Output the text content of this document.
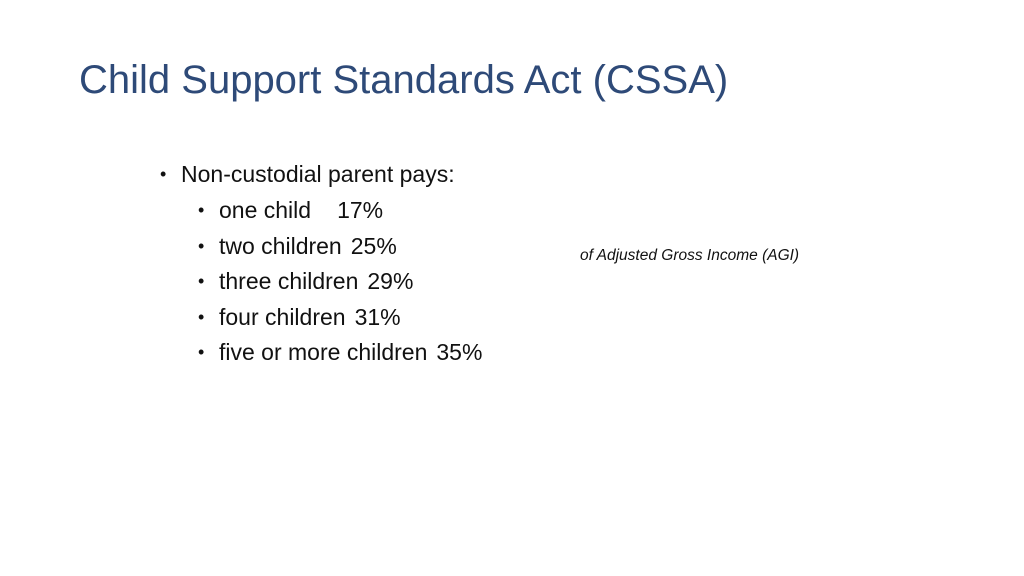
Child Support Standards Act (CSSA)
• Non-custodial parent pays:
• one child 17%
• two children 25%
• three children 29%
• four children 31%
• five or more children 35%
of Adjusted Gross Income (AGI)
